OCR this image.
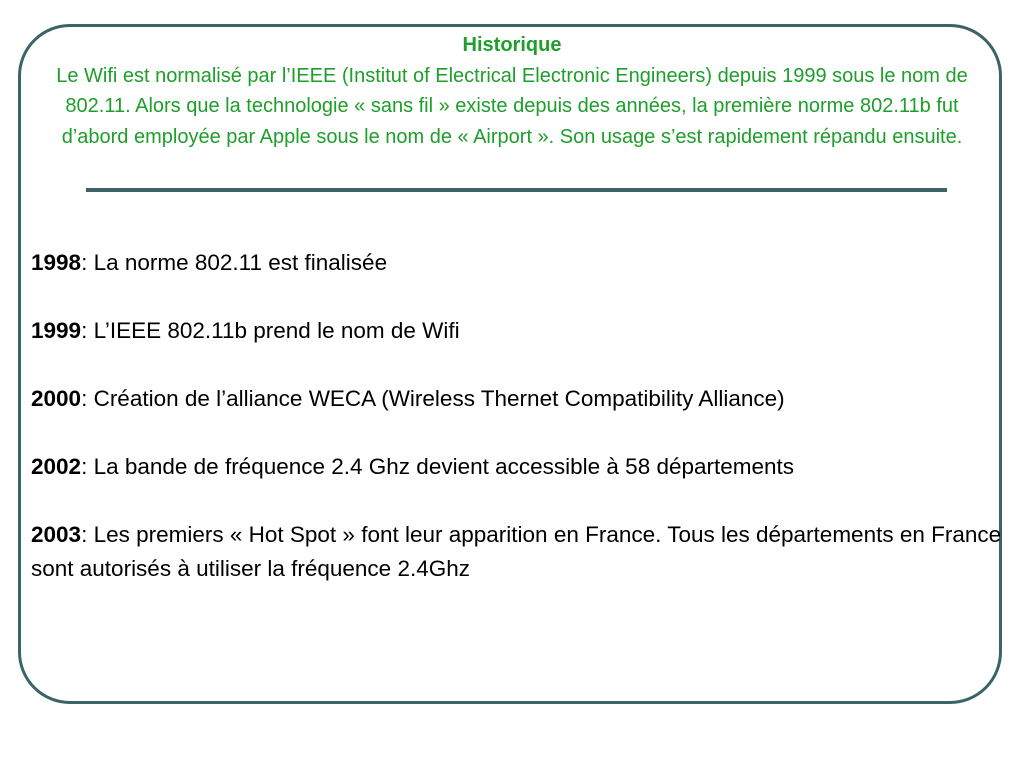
Historique
Le Wifi est normalisé par l’IEEE (Institut of Electrical Electronic Engineers) depuis 1999 sous le nom de 802.11. Alors que la technologie « sans fil » existe depuis des années, la première norme 802.11b fut d’abord employée par Apple sous le nom de « Airport ». Son usage s’est rapidement répandu ensuite.
1998: La norme 802.11 est finalisée
1999: L’IEEE 802.11b prend le nom de Wifi
2000: Création de l’alliance WECA (Wireless Thernet Compatibility Alliance)
2002: La bande de fréquence 2.4 Ghz devient accessible à 58 départements
2003: Les premiers « Hot Spot » font leur apparition en France. Tous les départements en France sont autorisés à utiliser la fréquence 2.4Ghz
